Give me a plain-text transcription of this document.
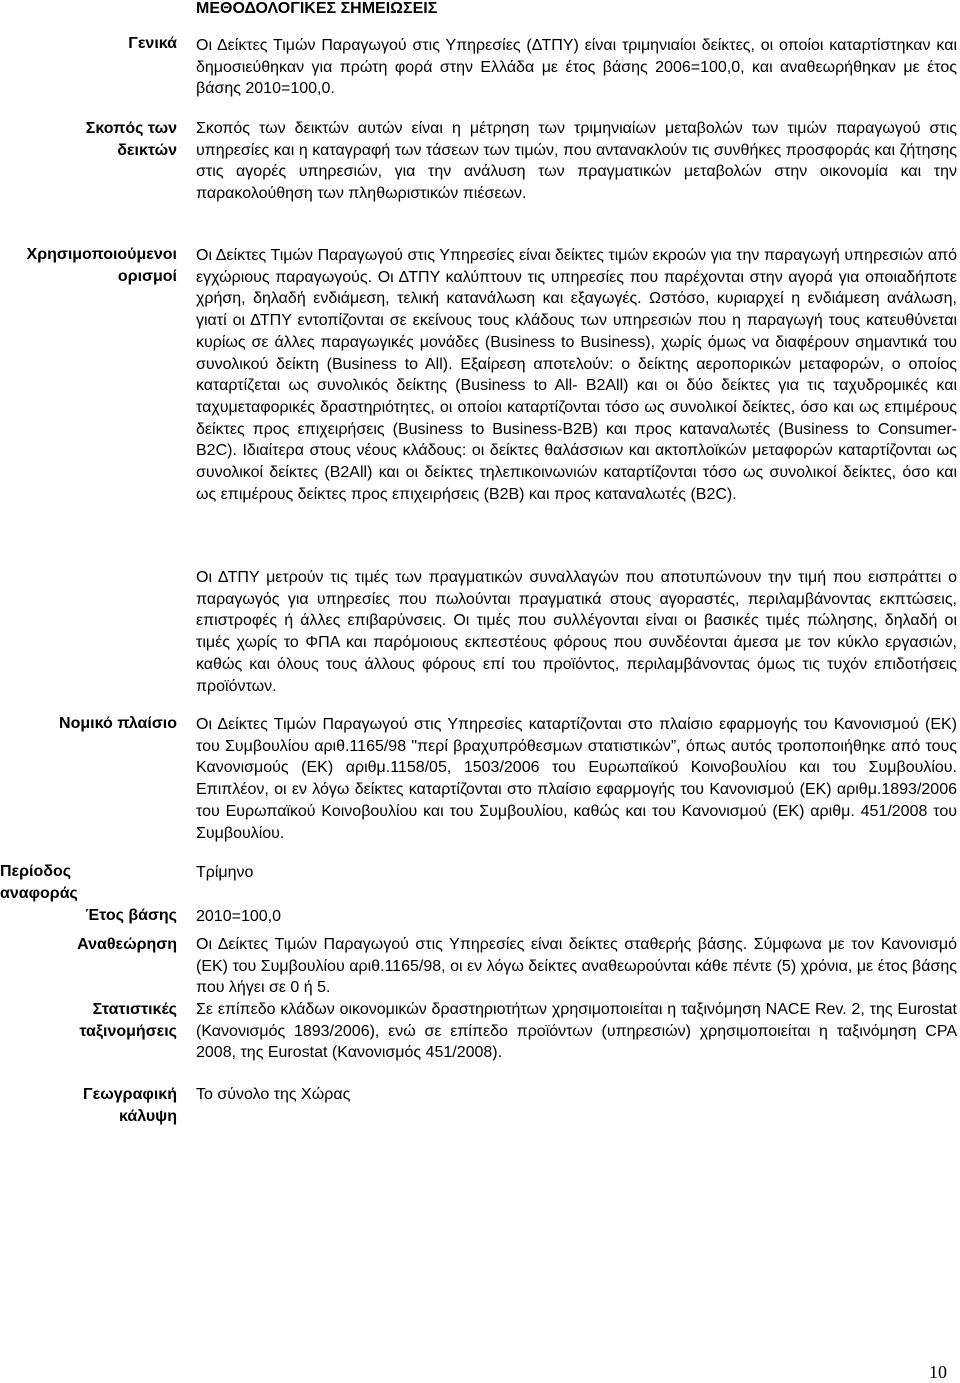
ΜΕΘΟΔΟΛΟΓΙΚΕΣ ΣΗΜΕΙΩΣΕΙΣ
Γενικά Οι Δείκτες Τιμών Παραγωγού στις Υπηρεσίες (ΔΤΠΥ) είναι τριμηνιαίοι δείκτες, οι οποίοι καταρτίστηκαν και δημοσιεύθηκαν για πρώτη φορά στην Ελλάδα με έτος βάσης 2006=100,0, και αναθεωρήθηκαν με έτος βάσης 2010=100,0.
Σκοπός των δεικτών
Σκοπός των δεικτών αυτών είναι η μέτρηση των τριμηνιαίων μεταβολών των τιμών παραγωγού στις υπηρεσίες και η καταγραφή των τάσεων των τιμών, που αντανακλούν τις συνθήκες προσφοράς και ζήτησης στις αγορές υπηρεσιών, για την ανάλυση των πραγματικών μεταβολών στην οικονομία και την παρακολούθηση των πληθωριστικών πιέσεων.
Χρησιμοποιούμενοι ορισμοί
Οι Δείκτες Τιμών Παραγωγού στις Υπηρεσίες είναι δείκτες τιμών εκροών για την παραγωγή υπηρεσιών από εγχώριους παραγωγούς. Οι ΔΤΠΥ καλύπτουν τις υπηρεσίες που παρέχονται στην αγορά για οποιαδήποτε χρήση, δηλαδή ενδιάμεση, τελική κατανάλωση και εξαγωγές. Ωστόσο, κυριαρχεί η ενδιάμεση ανάλωση, γιατί οι ΔΤΠΥ εντοπίζονται σε εκείνους τους κλάδους των υπηρεσιών που η παραγωγή τους κατευθύνεται κυρίως σε άλλες παραγωγικές μονάδες (Business to Business), χωρίς όμως να διαφέρουν σημαντικά του συνολικού δείκτη (Business to All). Εξαίρεση αποτελούν: ο δείκτης αεροπορικών μεταφορών, ο οποίος καταρτίζεται ως συνολικός δείκτης (Business to All- B2All) και οι δύο δείκτες για τις ταχυδρομικές και ταχυμεταφορικές δραστηριότητες, οι οποίοι καταρτίζονται τόσο ως συνολικοί δείκτες, όσο και ως επιμέρους δείκτες προς επιχειρήσεις (Business to Business-B2B) και προς καταναλωτές (Business to Consumer-B2C). Ιδιαίτερα στους νέους κλάδους: οι δείκτες θαλάσσιων και ακτοπλοϊκών μεταφορών καταρτίζονται ως συνολικοί δείκτες (B2All) και οι δείκτες τηλεπικοινωνιών καταρτίζονται τόσο ως συνολικοί δείκτες, όσο και ως επιμέρους δείκτες προς επιχειρήσεις (B2B) και προς καταναλωτές (B2C).
Οι ΔΤΠΥ μετρούν τις τιμές των πραγματικών συναλλαγών που αποτυπώνουν την τιμή που εισπράττει ο παραγωγός για υπηρεσίες που πωλούνται πραγματικά στους αγοραστές, περιλαμβάνοντας εκπτώσεις, επιστροφές ή άλλες επιβαρύνσεις. Οι τιμές που συλλέγονται είναι οι βασικές τιμές πώλησης, δηλαδή οι τιμές χωρίς το ΦΠΑ και παρόμοιους εκπεστέους φόρους που συνδέονται άμεσα με τον κύκλο εργασιών, καθώς και όλους τους άλλους φόρους επί του προϊόντος, περιλαμβάνοντας όμως τις τυχόν επιδοτήσεις προϊόντων.
Νομικό πλαίσιο Οι Δείκτες Τιμών Παραγωγού στις Υπηρεσίες καταρτίζονται στο πλαίσιο εφαρμογής του Κανονισμού (ΕΚ) του Συμβουλίου αριθ.1165/98 "περί βραχυπρόθεσμων στατιστικών”, όπως αυτός τροποποιήθηκε από τους Κανονισμούς (ΕΚ) αριθμ.1158/05, 1503/2006 του Ευρωπαϊκού Κοινοβουλίου και του Συμβουλίου. Επιπλέον, οι εν λόγω δείκτες καταρτίζονται στο πλαίσιο εφαρμογής του Κανονισμού (ΕΚ) αριθμ.1893/2006 του Ευρωπαϊκού Κοινοβουλίου και του Συμβουλίου, καθώς και του Κανονισμού (ΕΚ) αριθμ. 451/2008 του Συμβουλίου.
Περίοδος
αναφοράς
Τρίμηνο
Έτος βάσης 2010=100,0
Αναθεώρηση Οι Δείκτες Τιμών Παραγωγού στις Υπηρεσίες είναι δείκτες σταθερής βάσης. Σύμφωνα με τον Κανονισμό (ΕΚ) του Συμβουλίου αριθ.1165/98, οι εν λόγω δείκτες αναθεωρούνται κάθε πέντε (5) χρόνια, με έτος βάσης που λήγει σε 0 ή 5.
Στατιστικές ταξινομήσεις
Σε επίπεδο κλάδων οικονομικών δραστηριοτήτων χρησιμοποιείται η ταξινόμηση NACE Rev. 2, της Eurostat (Κανονισμός 1893/2006), ενώ σε επίπεδο προϊόντων (υπηρεσιών) χρησιμοποιείται η ταξινόμηση CPA 2008, της Eurostat (Κανονισμός 451/2008).
Γεωγραφική κάλυψη
Το σύνολο της Χώρας
10
